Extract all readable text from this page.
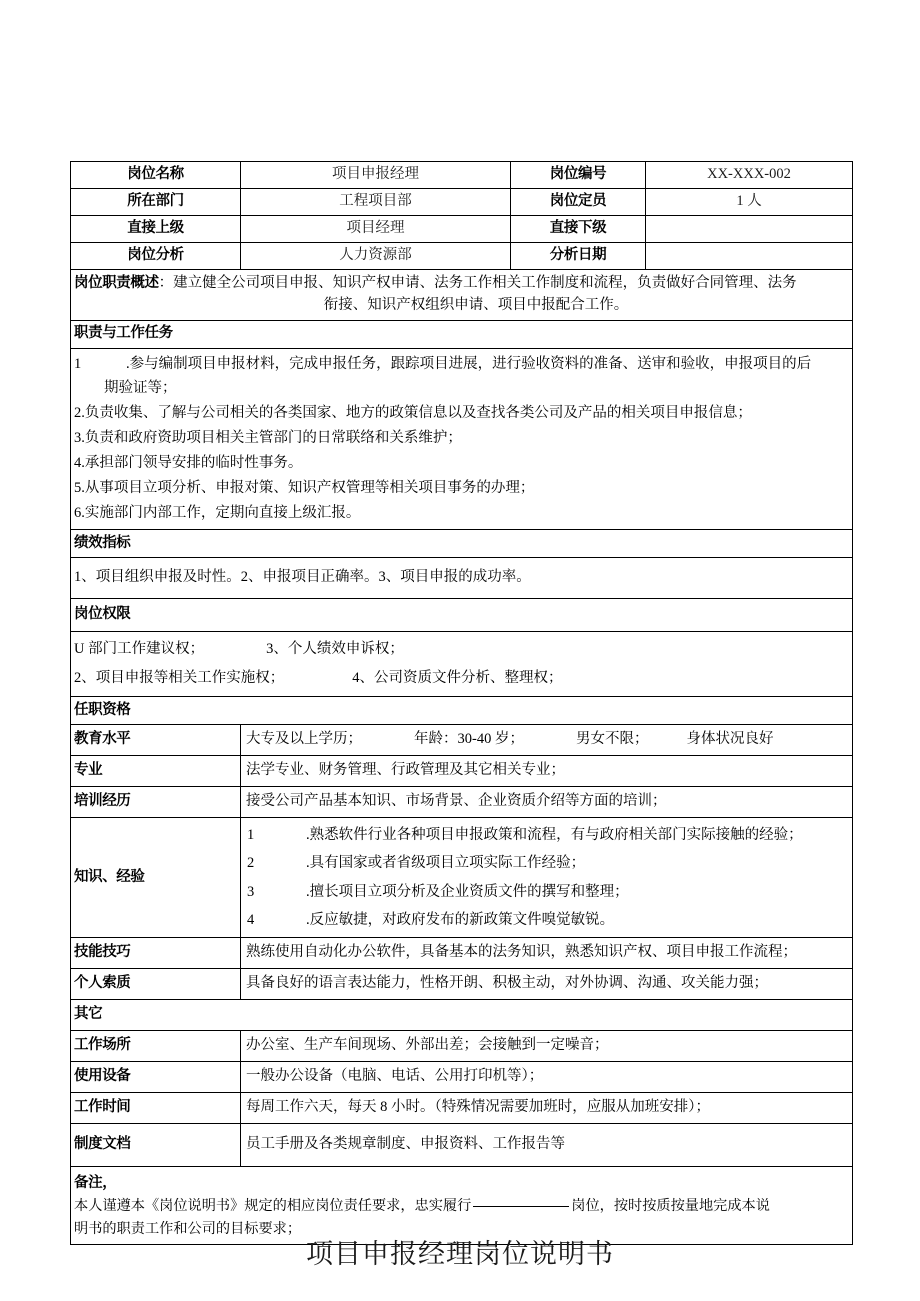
岗位名称	项目申报经理	岗位编号	XX-XXX-002
所在部门	工程项目部	岗位定员	1 人
直接上级	项目经理	直接下级	
岗位分析	人力资源部	分析日期	

岗位职责概述：建立健全公司项目申报、知识产权申请、法务工作相关工作制度和流程，负责做好合同管理、法务
衔接、知识产权组织申请、项目中报配合工作。			

职责与工作任务			

1	.参与编制项目申报材料，完成申报任务，跟踪项目进展，进行验收资料的准备、送审和验收，申报项目的后
期验证等；
2.负责收集、了解与公司相关的各类国家、地方的政策信息以及查找各类公司及产品的相关项目申报信息；
3.负责和政府资助项目相关主管部门的日常联络和关系维护；
4.承担部门领导安排的临时性事务。
5.从事项目立项分析、申报对策、知识产权管理等相关项目事务的办理；
6.实施部门内部工作，定期向直接上级汇报。

绩效指标			
1、项目组织申报及时性。2、申报项目正确率。3、项目申报的成功率。			
岗位权限			

U 部门工作建议权； 3、个人绩效申诉权；
2、项目申报等相关工作实施权； 4、公司资质文件分析、整理权；			

任职资格			
教育水平	大专及以上学历； 年龄：30-40 岁； 男女不限； 身体状况良好		
专业	法学专业、财务管理、行政管理及其它相关专业；		
培训经历	接受公司产品基本知识、市场背景、企业资质介绍等方面的培训；		
知识、经验	
1	.熟悉软件行业各种项目申报政策和流程，有与政府相关部门实际接触的经验；
2	.具有国家或者省级项目立项实际工作经验；
3	.擅长项目立项分析及企业资质文件的撰写和整理；
4	.反应敏捷，对政府发布的新政策文件嗅觉敏锐。

技能技巧	熟练使用自动化办公软件，具备基本的法务知识，熟悉知识产权、项目申报工作流程；		
个人索质	具备良好的语言表达能力，性格开朗、积极主动，对外协调、沟通、攻关能力强；		
其它			
工作场所	办公室、生产车间现场、外部出差；会接触到一定噪音；		
使用设备	一般办公设备（电脑、电话、公用打印机等）；		
工作时间	每周工作六天，每天 8 小时。（特殊情况需要加班时，应服从加班安排）；		
制度文档	员工手册及各类规章制度、申报资料、工作报告等		

备注，
本人谨遵本《岗位说明书》规定的相应岗位责任要求，忠实履行 岗位，按时按质按量地完成本说
明书的职责工作和公司的目标要求；			
项目申报经理岗位说明书
